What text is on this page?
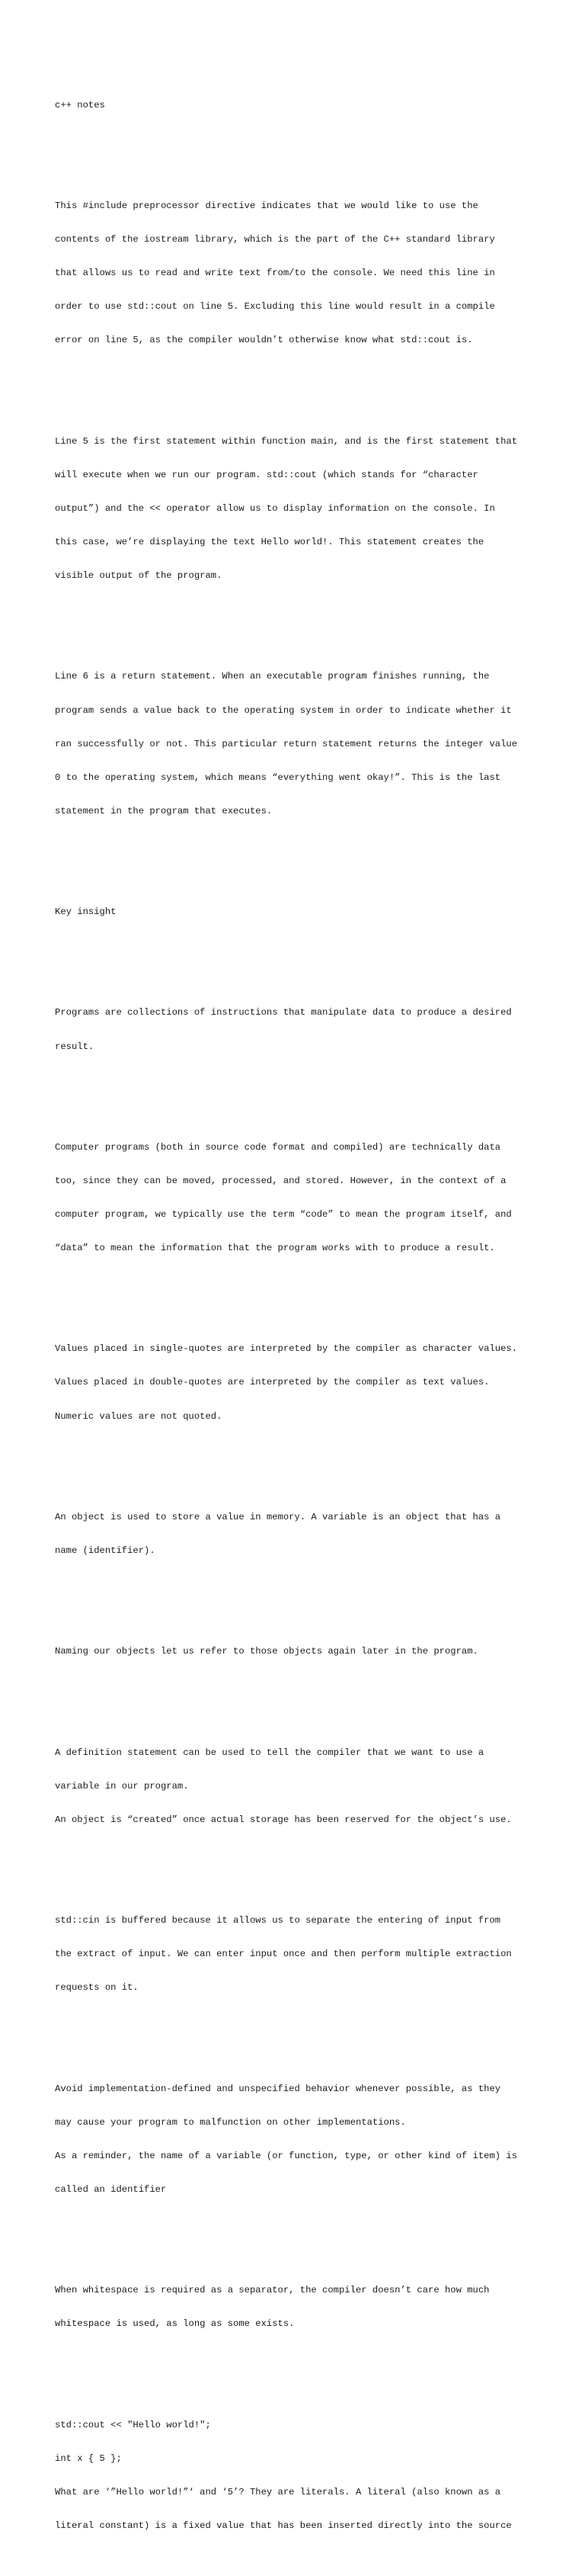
c++ notes

This #include preprocessor directive indicates that we would like to use the

contents of the iostream library, which is the part of the C++ standard library

that allows us to read and write text from/to the console. We need this line in

order to use std::cout on line 5. Excluding this line would result in a compile

error on line 5, as the compiler wouldn’t otherwise know what std::cout is.

Line 5 is the first statement within function main, and is the first statement that

will execute when we run our program. std::cout (which stands for “character

output”) and the << operator allow us to display information on the console. In

this case, we’re displaying the text Hello world!. This statement creates the

visible output of the program.

Line 6 is a return statement. When an executable program finishes running, the

program sends a value back to the operating system in order to indicate whether it

ran successfully or not. This particular return statement returns the integer value

0 to the operating system, which means “everything went okay!”. This is the last

statement in the program that executes.

Key insight

Programs are collections of instructions that manipulate data to produce a desired

result.

Computer programs (both in source code format and compiled) are technically data

too, since they can be moved, processed, and stored. However, in the context of a

computer program, we typically use the term “code” to mean the program itself, and

“data” to mean the information that the program works with to produce a result.

Values placed in single-quotes are interpreted by the compiler as character values.

Values placed in double-quotes are interpreted by the compiler as text values.

Numeric values are not quoted.

An object is used to store a value in memory. A variable is an object that has a

name (identifier).

Naming our objects let us refer to those objects again later in the program.

A definition statement can be used to tell the compiler that we want to use a

variable in our program.

An object is “created” once actual storage has been reserved for the object’s use.

std::cin is buffered because it allows us to separate the entering of input from

the extract of input. We can enter input once and then perform multiple extraction

requests on it.

Avoid implementation-defined and unspecified behavior whenever possible, as they

may cause your program to malfunction on other implementations.

As a reminder, the name of a variable (or function, type, or other kind of item) is

called an identifier

When whitespace is required as a separator, the compiler doesn’t care how much

whitespace is used, as long as some exists.

std::cout << "Hello world!";

int x { 5 };

What are ‘”Hello world!”‘ and ‘5’? They are literals. A literal (also known as a

literal constant) is a fixed value that has been inserted directly into the source
